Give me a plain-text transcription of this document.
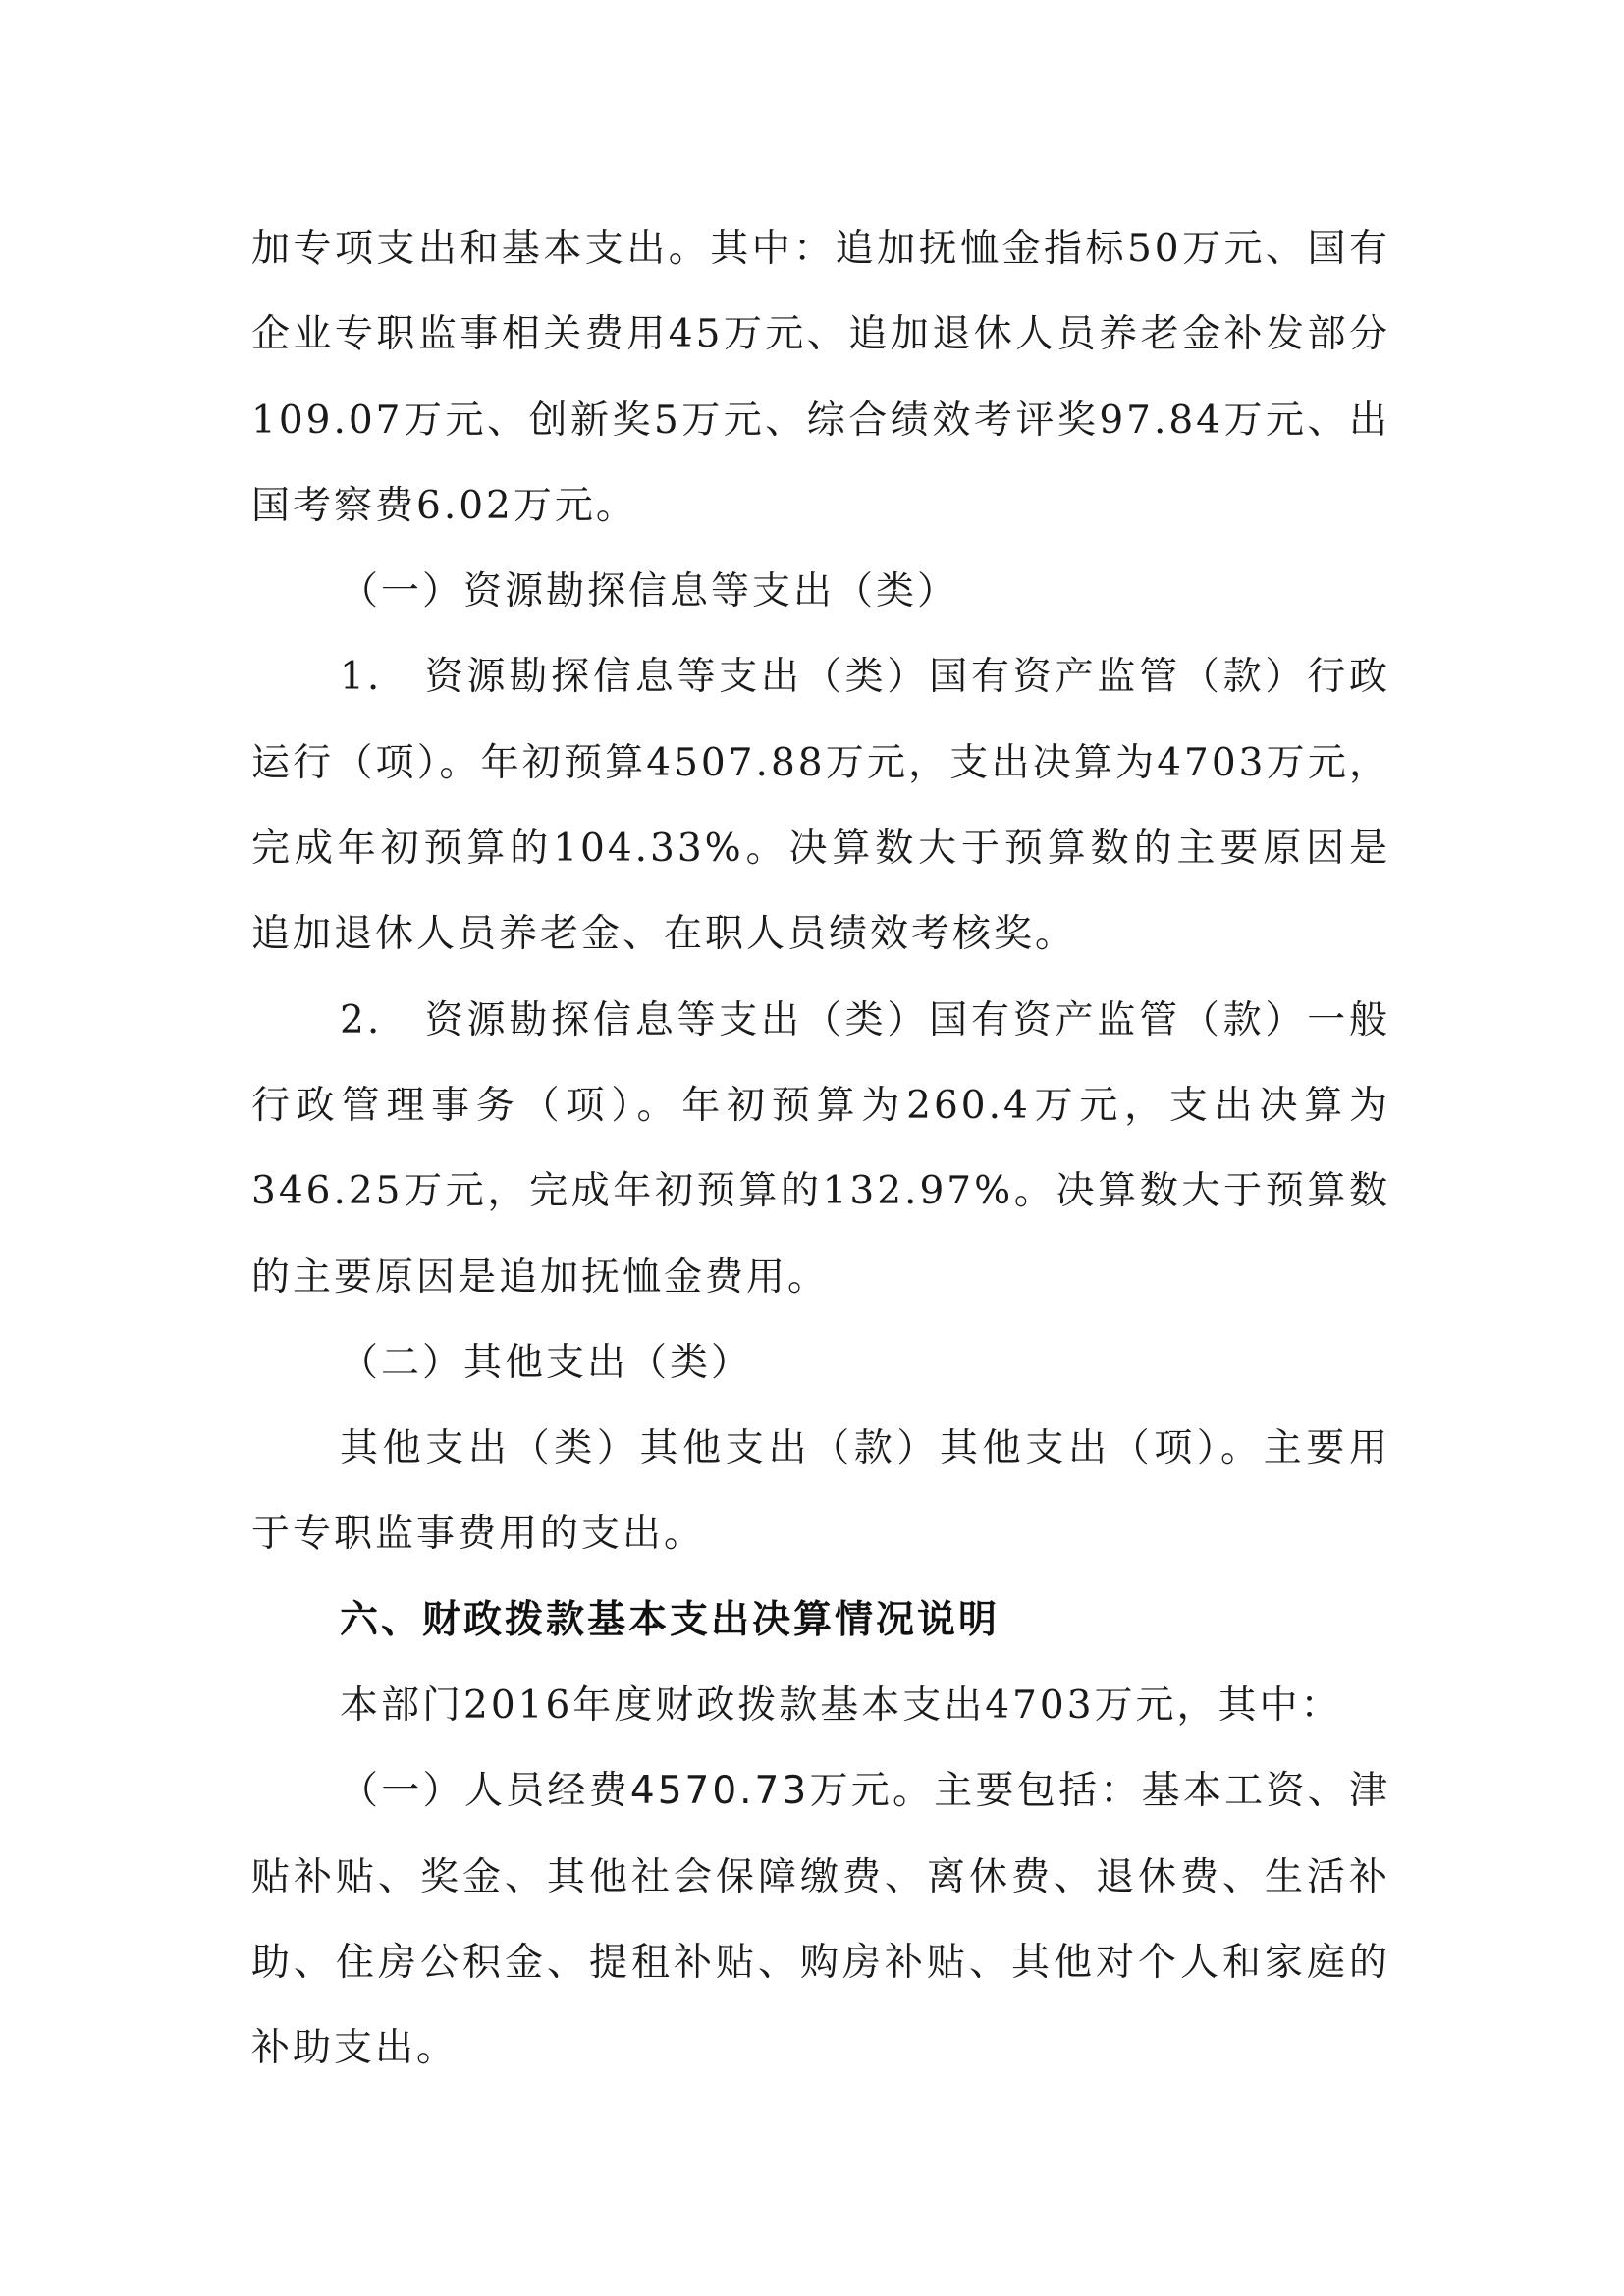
加专项支出和基本支出。其中：追加抚恤金指标50万元、国有企业专职监事相关费用45万元、追加退休人员养老金补发部分109.07万元、创新奖5万元、综合绩效考评奖97.84万元、出国考察费6.02万元。

（一）资源勘探信息等支出（类）

1.　资源勘探信息等支出（类）国有资产监管（款）行政运行（项）。年初预算4507.88万元，支出决算为4703万元，完成年初预算的104.33%。决算数大于预算数的主要原因是追加退休人员养老金、在职人员绩效考核奖。

2.　资源勘探信息等支出（类）国有资产监管（款）一般行政管理事务（项）。年初预算为260.4万元，支出决算为346.25万元，完成年初预算的132.97%。决算数大于预算数的主要原因是追加抚恤金费用。

（二）其他支出（类）

其他支出（类）其他支出（款）其他支出（项）。主要用于专职监事费用的支出。

六、财政拨款基本支出决算情况说明

本部门2016年度财政拨款基本支出4703万元，其中：

（一）人员经费4570.73万元。主要包括：基本工资、津贴补贴、奖金、其他社会保障缴费、离休费、退休费、生活补助、住房公积金、提租补贴、购房补贴、其他对个人和家庭的补助支出。
